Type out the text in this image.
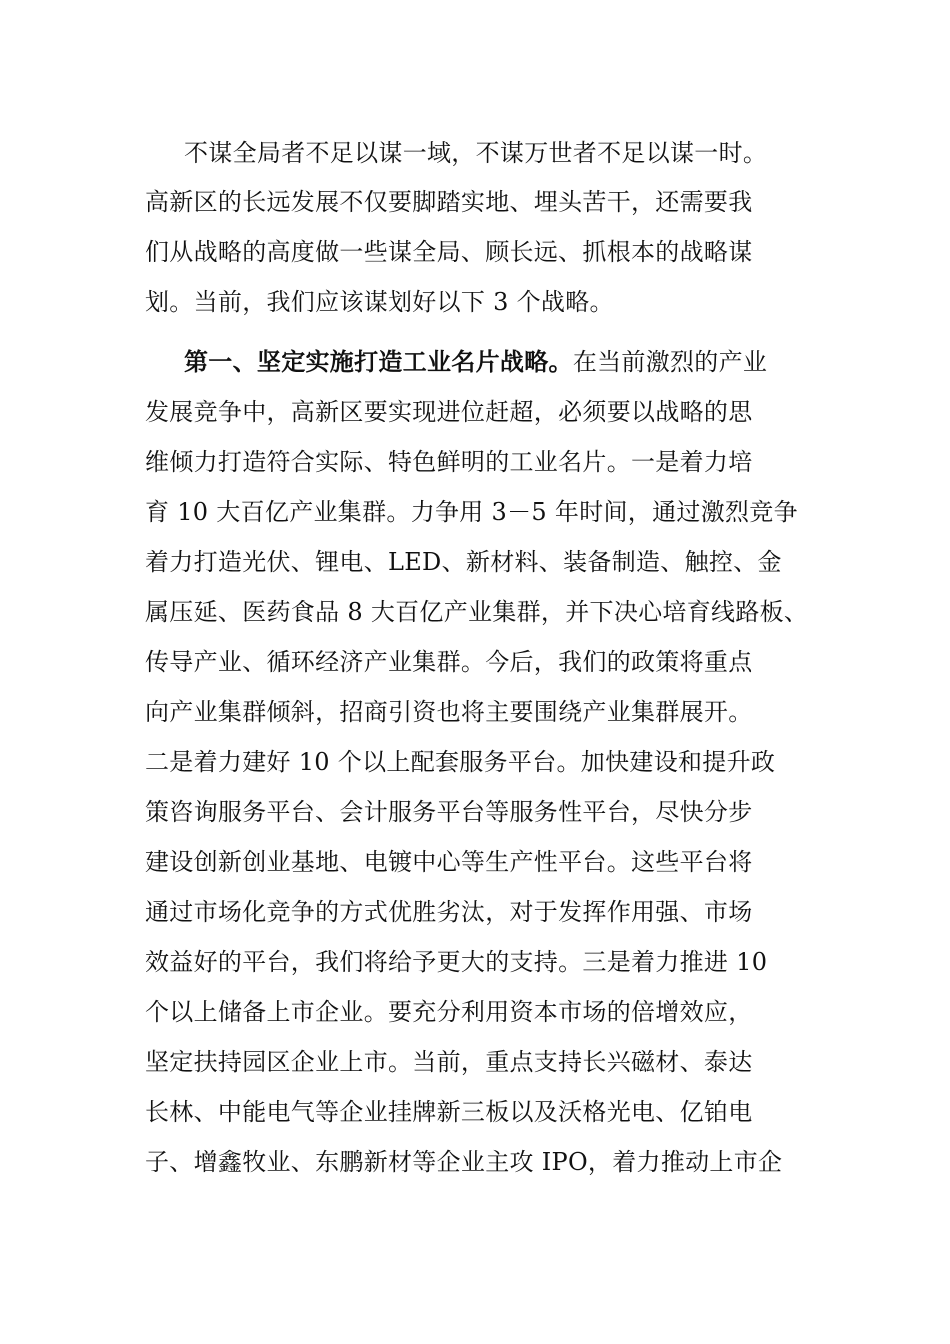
不谋全局者不足以谋一域，不谋万世者不足以谋一时。
高新区的长远发展不仅要脚踏实地、埋头苦干，还需要我
们从战略的高度做一些谋全局、顾长远、抓根本的战略谋
划。当前，我们应该谋划好以下 3 个战略。
第一、坚定实施打造工业名片战略。在当前激烈的产业
发展竞争中，高新区要实现进位赶超，必须要以战略的思
维倾力打造符合实际、特色鲜明的工业名片。一是着力培
育 10 大百亿产业集群。力争用 3－5 年时间，通过激烈竞争
着力打造光伏、锂电、LED、新材料、装备制造、触控、金
属压延、医药食品 8 大百亿产业集群，并下决心培育线路板、
传导产业、循环经济产业集群。今后，我们的政策将重点
向产业集群倾斜，招商引资也将主要围绕产业集群展开。
二是着力建好 10 个以上配套服务平台。加快建设和提升政
策咨询服务平台、会计服务平台等服务性平台，尽快分步
建设创新创业基地、电镀中心等生产性平台。这些平台将
通过市场化竞争的方式优胜劣汰，对于发挥作用强、市场
效益好的平台，我们将给予更大的支持。三是着力推进 10
个以上储备上市企业。要充分利用资本市场的倍增效应，
坚定扶持园区企业上市。当前，重点支持长兴磁材、泰达
长林、中能电气等企业挂牌新三板以及沃格光电、亿铂电
子、增鑫牧业、东鹏新材等企业主攻 IPO，着力推动上市企
